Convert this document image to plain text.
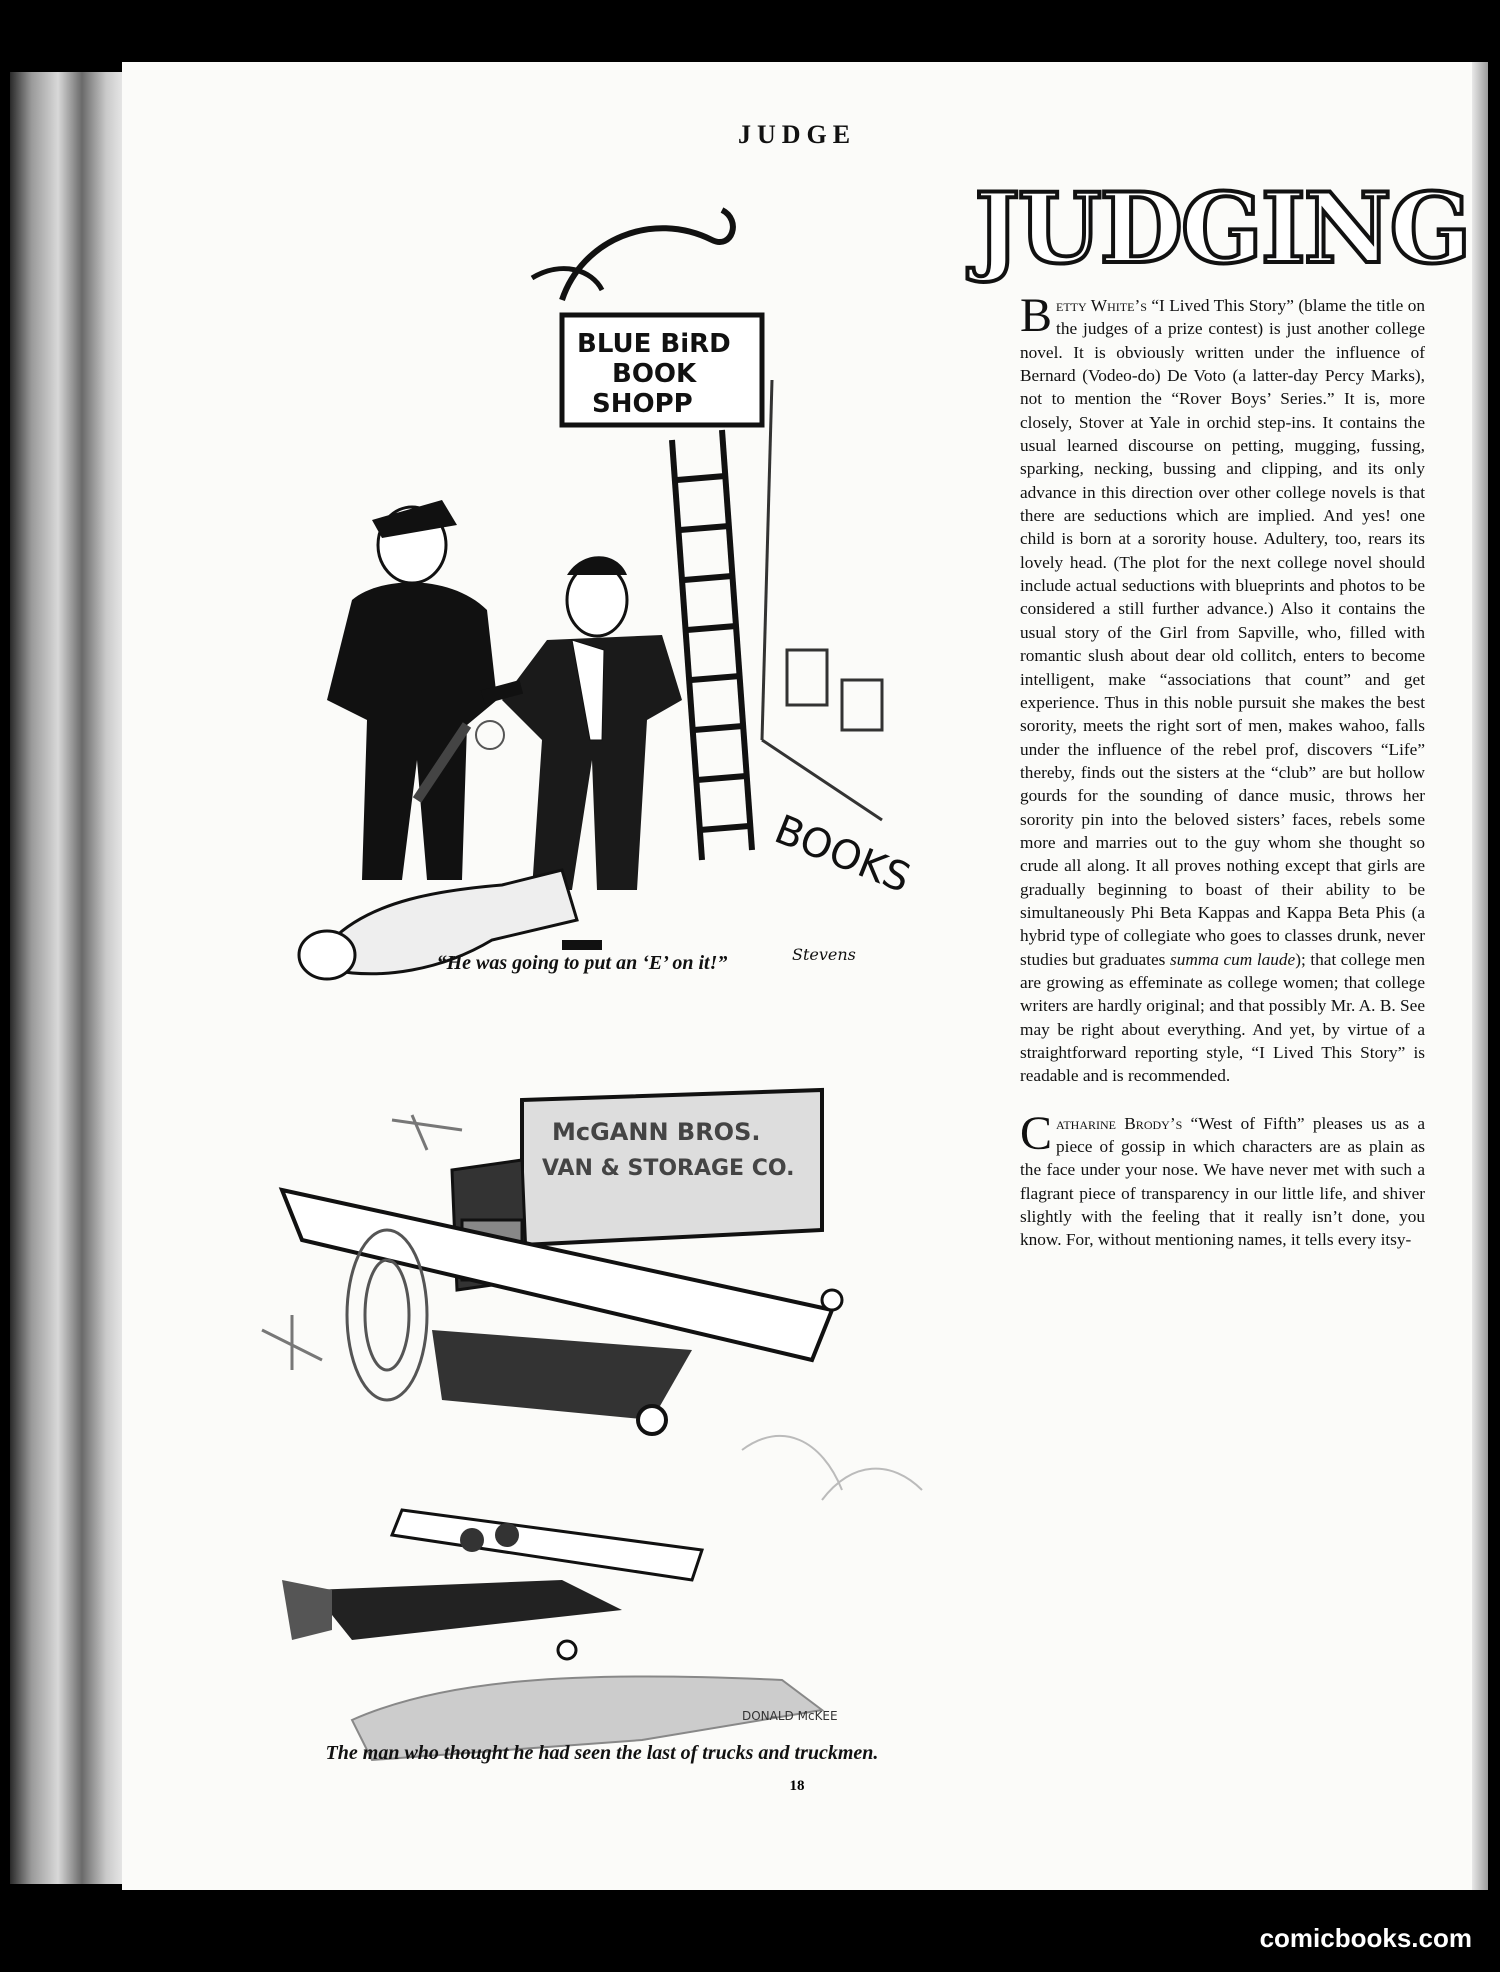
JUDGE
BLUE BiRD
BOOK
SHOPP
BOOKS
Stevens
“He was going to put an ‘E’ on it!”
McGANN BROS.
VAN & STORAGE CO.
DONALD McKEE
The man who thought he had seen the last of trucks and truckmen.
JUDGING

Betty White’s “I Lived This Story” (blame the title on the judges of a prize contest) is just another college novel. It is obviously written under the influence of Bernard (Vodeo-do) De Voto (a latter-day Percy Marks), not to mention the “Rover Boys’ Series.” It is, more closely, Stover at Yale in orchid step-ins. It contains the usual learned discourse on petting, mugging, fussing, sparking, necking, bussing and clipping, and its only advance in this direction over other college novels is that there are seductions which are implied. And yes! one child is born at a sorority house. Adultery, too, rears its lovely head. (The plot for the next college novel should include actual seductions with blueprints and photos to be considered a still further advance.) Also it contains the usual story of the Girl from Sapville, who, filled with romantic slush about dear old collitch, enters to become intelligent, make “associations that count” and get experience. Thus in this noble pursuit she makes the best sorority, meets the right sort of men, makes wahoo, falls under the influence of the rebel prof, discovers “Life” thereby, finds out the sisters at the “club” are but hollow gourds for the sounding of dance music, throws her sorority pin into the beloved sisters’ faces, rebels some more and marries out to the guy whom she thought so crude all along. It all proves nothing except that girls are gradually beginning to boast of their ability to be simultaneously Phi Beta Kappas and Kappa Beta Phis (a hybrid type of collegiate who goes to classes drunk, never studies but graduates summa cum laude); that college men are growing as effeminate as college women; that college writers are hardly original; and that possibly Mr. A. B. See may be right about everything. And yet, by virtue of a straightforward reporting style, “I Lived This Story” is readable and is recommended.

Catharine Brody’s “West of Fifth” pleases us as a piece of gossip in which characters are as plain as the face under your nose. We have never met with such a flagrant piece of transparency in our little life, and shiver slightly with the feeling that it really isn’t done, you know. For, without mentioning names, it tells every itsy-

18
comicbooks.com
